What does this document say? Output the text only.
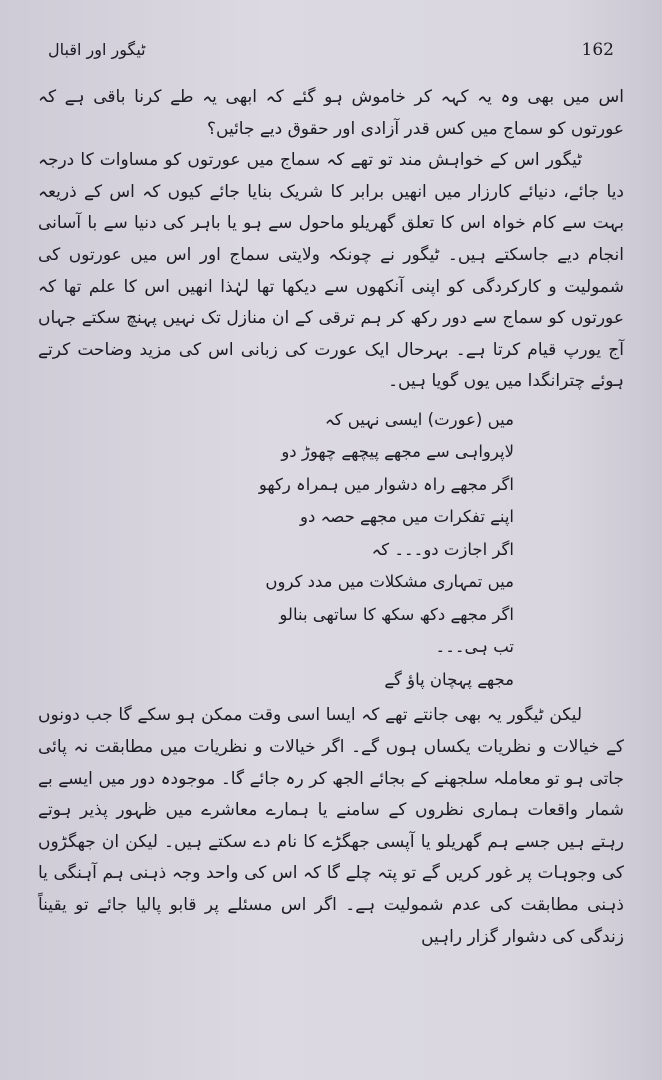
ٹیگور اور اقبال	162

اس میں بھی وہ یہ کہہ کر خاموش ہو گئے کہ ابھی یہ طے کرنا باقی ہے کہ عورتوں کو سماج میں کس قدر آزادی اور حقوق دیے جائیں؟

ٹیگور اس کے خواہش مند تو تھے کہ سماج میں عورتوں کو مساوات کا درجہ دیا جائے، دنیائے کارزار میں انھیں برابر کا شریک بنایا جائے کیوں کہ اس کے ذریعہ بہت سے کام خواہ اس کا تعلق گھریلو ماحول سے ہو یا باہر کی دنیا سے با آسانی انجام دیے جاسکتے ہیں۔ ٹیگور نے چونکہ ولایتی سماج اور اس میں عورتوں کی شمولیت و کارکردگی کو اپنی آنکھوں سے دیکھا تھا لہٰذا انھیں اس کا علم تھا کہ عورتوں کو سماج سے دور رکھ کر ہم ترقی کے ان منازل تک نہیں پہنچ سکتے جہاں آج یورپ قیام کرتا ہے۔ بہرحال ایک عورت کی زبانی اس کی مزید وضاحت کرتے ہوئے چترانگدا میں یوں گویا ہیں۔

میں (عورت) ایسی نہیں کہ
لاپرواہی سے مجھے پیچھے چھوڑ دو
اگر مجھے راہ دشوار میں ہمراہ رکھو
اپنے تفکرات میں مجھے حصہ دو
اگر اجازت دو۔۔۔ کہ
میں تمہاری مشکلات میں مدد کروں
اگر مجھے دکھ سکھ کا ساتھی بنالو
تب ہی۔۔۔
مجھے پہچان پاؤ گے

لیکن ٹیگور یہ بھی جانتے تھے کہ ایسا اسی وقت ممکن ہو سکے گا جب دونوں کے خیالات و نظریات یکساں ہوں گے۔ اگر خیالات و نظریات میں مطابقت نہ پائی جاتی ہو تو معاملہ سلجھنے کے بجائے الجھ کر رہ جائے گا۔ موجودہ دور میں ایسے بے شمار واقعات ہماری نظروں کے سامنے یا ہمارے معاشرے میں ظہور پذیر ہوتے رہتے ہیں جسے ہم گھریلو یا آپسی جھگڑے کا نام دے سکتے ہیں۔ لیکن ان جھگڑوں کی وجوہات پر غور کریں گے تو پتہ چلے گا کہ اس کی واحد وجہ ذہنی ہم آہنگی یا ذہنی مطابقت کی عدم شمولیت ہے۔ اگر اس مسئلے پر قابو پالیا جائے تو یقیناً زندگی کی دشوار گزار راہیں
